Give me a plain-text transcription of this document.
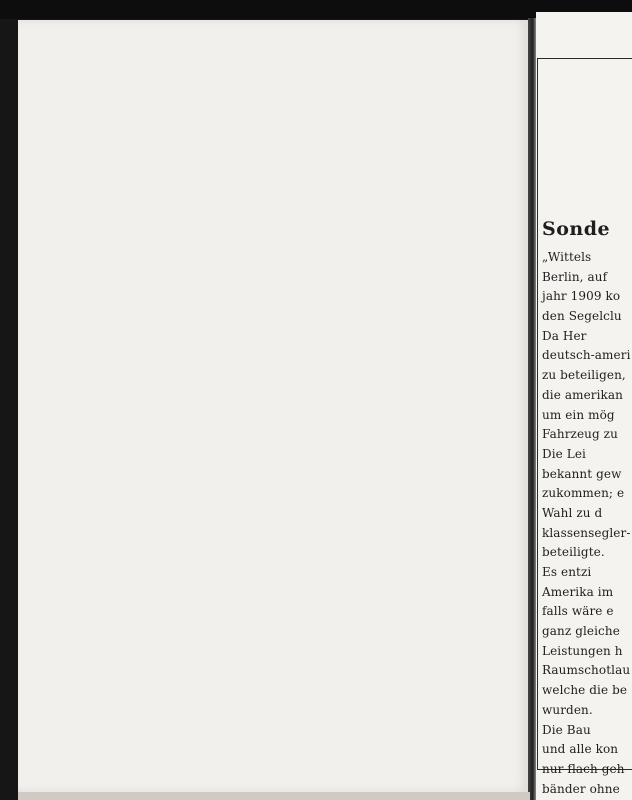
Sonde
„Wittels
Berlin, auf
jahr 1909 ko
den Segelclu
Da Her
deutsch-ameri
zu beteiligen,
die amerikan
um ein mög
Fahrzeug zu
Die Lei
bekannt gew
zukommen; e
Wahl zu d
klassensegler-
beteiligte.
Es entzi
Amerika im
falls wäre e
ganz gleiche
Leistungen h
Raumschotlau
welche die be
wurden.
Die Bau
und alle kon
nur flach geh
bänder ohne
